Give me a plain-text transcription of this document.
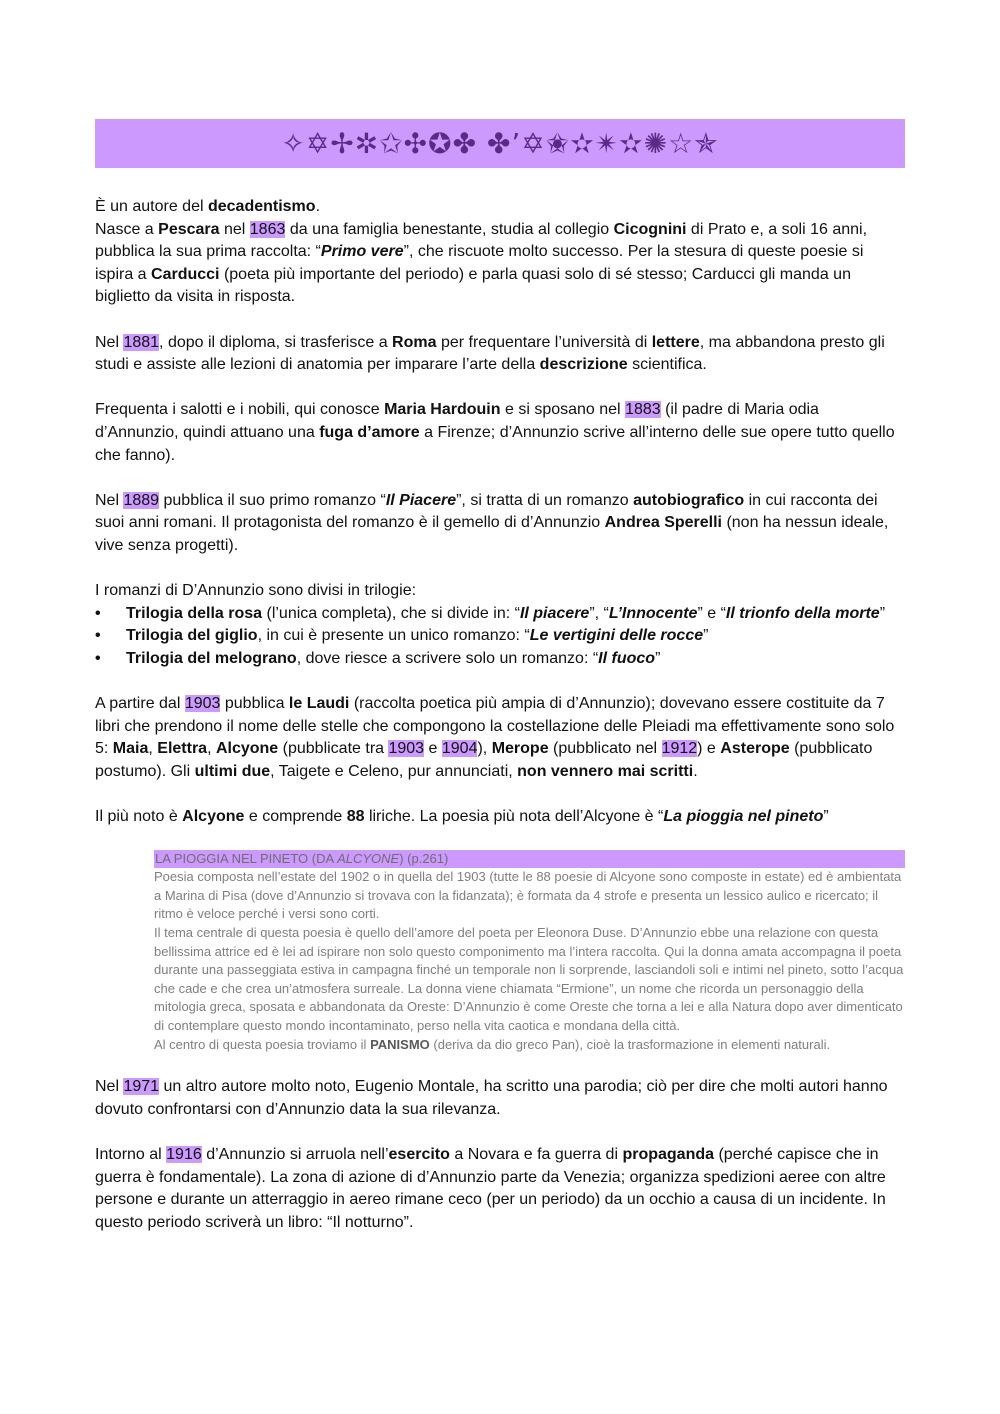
✧✡✢✲✩✣✪✤ ✤’✡✬✫✴✫✺☆✯

È un autore del decadentismo.
Nasce a Pescara nel 1863 da una famiglia benestante, studia al collegio Cicognini di Prato e, a soli 16 anni, pubblica la sua prima raccolta: “Primo vere”, che riscuote molto successo. Per la stesura di queste poesie si ispira a Carducci (poeta più importante del periodo) e parla quasi solo di sé stesso; Carducci gli manda un biglietto da visita in risposta.

Nel 1881, dopo il diploma, si trasferisce a Roma per frequentare l’università di lettere, ma abbandona presto gli studi e assiste alle lezioni di anatomia per imparare l’arte della descrizione scientifica.

Frequenta i salotti e i nobili, qui conosce Maria Hardouin e si sposano nel 1883 (il padre di Maria odia d’Annunzio, quindi attuano una fuga d’amore a Firenze; d’Annunzio scrive all’interno delle sue opere tutto quello che fanno).

Nel 1889 pubblica il suo primo romanzo “Il Piacere”, si tratta di un romanzo autobiografico in cui racconta dei suoi anni romani. Il protagonista del romanzo è il gemello di d’Annunzio Andrea Sperelli (non ha nessun ideale, vive senza progetti).

I romanzi di D’Annunzio sono divisi in trilogie:
• Trilogia della rosa (l’unica completa), che si divide in: “Il piacere”, “L’Innocente” e “Il trionfo della morte”
• Trilogia del giglio, in cui è presente un unico romanzo: “Le vertigini delle rocce”
• Trilogia del melograno, dove riesce a scrivere solo un romanzo: “Il fuoco”

A partire dal 1903 pubblica le Laudi (raccolta poetica più ampia di d’Annunzio); dovevano essere costituite da 7 libri che prendono il nome delle stelle che compongono la costellazione delle Pleiadi ma effettivamente sono solo 5: Maia, Elettra, Alcyone (pubblicate tra 1903 e 1904), Merope (pubblicato nel 1912) e Asterope (pubblicato postumo). Gli ultimi due, Taigete e Celeno, pur annunciati, non vennero mai scritti.

Il più noto è Alcyone e comprende 88 liriche. La poesia più nota dell’Alcyone è “La pioggia nel pineto”

LA PIOGGIA NEL PINETO (DA ALCYONE) (p.261)
Poesia composta nell’estate del 1902 o in quella del 1903 (tutte le 88 poesie di Alcyone sono composte in estate) ed è ambientata a Marina di Pisa (dove d’Annunzio si trovava con la fidanzata); è formata da 4 strofe e presenta un lessico aulico e ricercato; il ritmo è veloce perché i versi sono corti.
Il tema centrale di questa poesia è quello dell’amore del poeta per Eleonora Duse. D’Annunzio ebbe una relazione con questa bellissima attrice ed è lei ad ispirare non solo questo componimento ma l’intera raccolta. Qui la donna amata accompagna il poeta durante una passeggiata estiva in campagna finché un temporale non li sorprende, lasciandoli soli e intimi nel pineto, sotto l’acqua che cade e che crea un’atmosfera surreale. La donna viene chiamata “Ermione”, un nome che ricorda un personaggio della mitologia greca, sposata e abbandonata da Oreste: D’Annunzio è come Oreste che torna a lei e alla Natura dopo aver dimenticato di contemplare questo mondo incontaminato, perso nella vita caotica e mondana della città.
Al centro di questa poesia troviamo il PANISMO (deriva da dio greco Pan), cioè la trasformazione in elementi naturali.

Nel 1971 un altro autore molto noto, Eugenio Montale, ha scritto una parodia; ciò per dire che molti autori hanno dovuto confrontarsi con d’Annunzio data la sua rilevanza.

Intorno al 1916 d’Annunzio si arruola nell’esercito a Novara e fa guerra di propaganda (perché capisce che in guerra è fondamentale). La zona di azione di d’Annunzio parte da Venezia; organizza spedizioni aeree con altre persone e durante un atterraggio in aereo rimane ceco (per un periodo) da un occhio a causa di un incidente. In questo periodo scriverà un libro: “Il notturno”.
